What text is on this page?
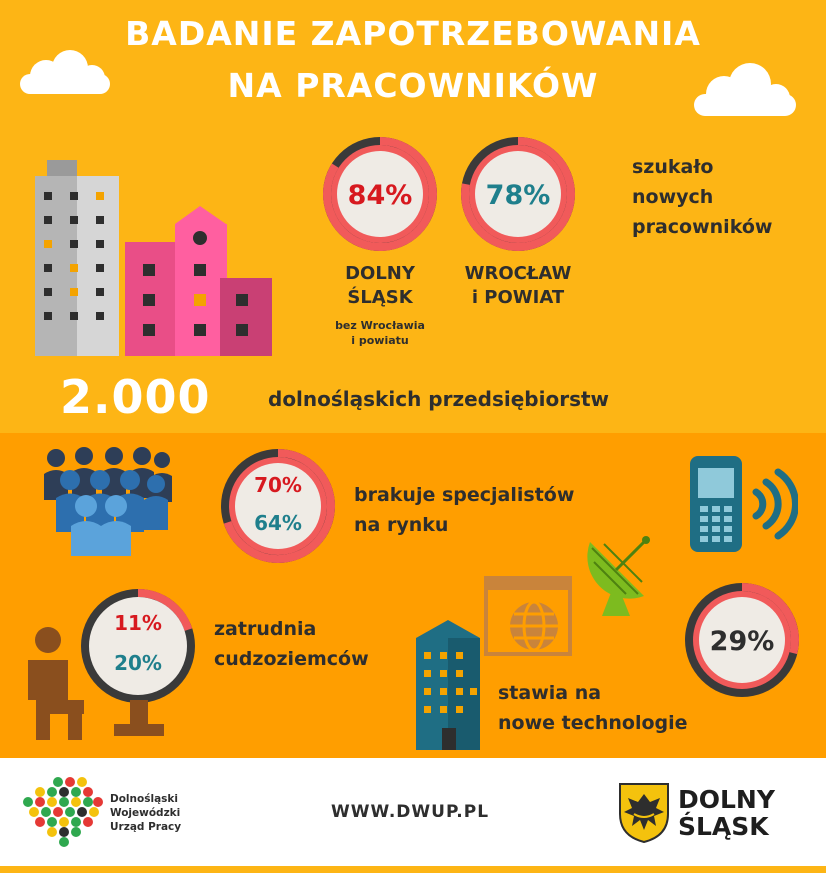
BADANIE ZAPOTRZEBOWANIA
NA PRACOWNIKÓW
84%	78%
DOLNY
ŚLĄSK
bez Wrocławia
i powiatu
WROCŁAW
i POWIAT
szukało
nowych
pracowników
2.000	dolnośląskich przedsiębiorstw
70%
64%
brakuje specjalistów
na rynku
29%
11%
20%
zatrudnia
cudzoziemców
stawia na
nowe technologie
Dolnośląski
Wojewódzki
Urząd Pracy
WWW.DWUP.PL	DOLNY
ŚLĄSK
